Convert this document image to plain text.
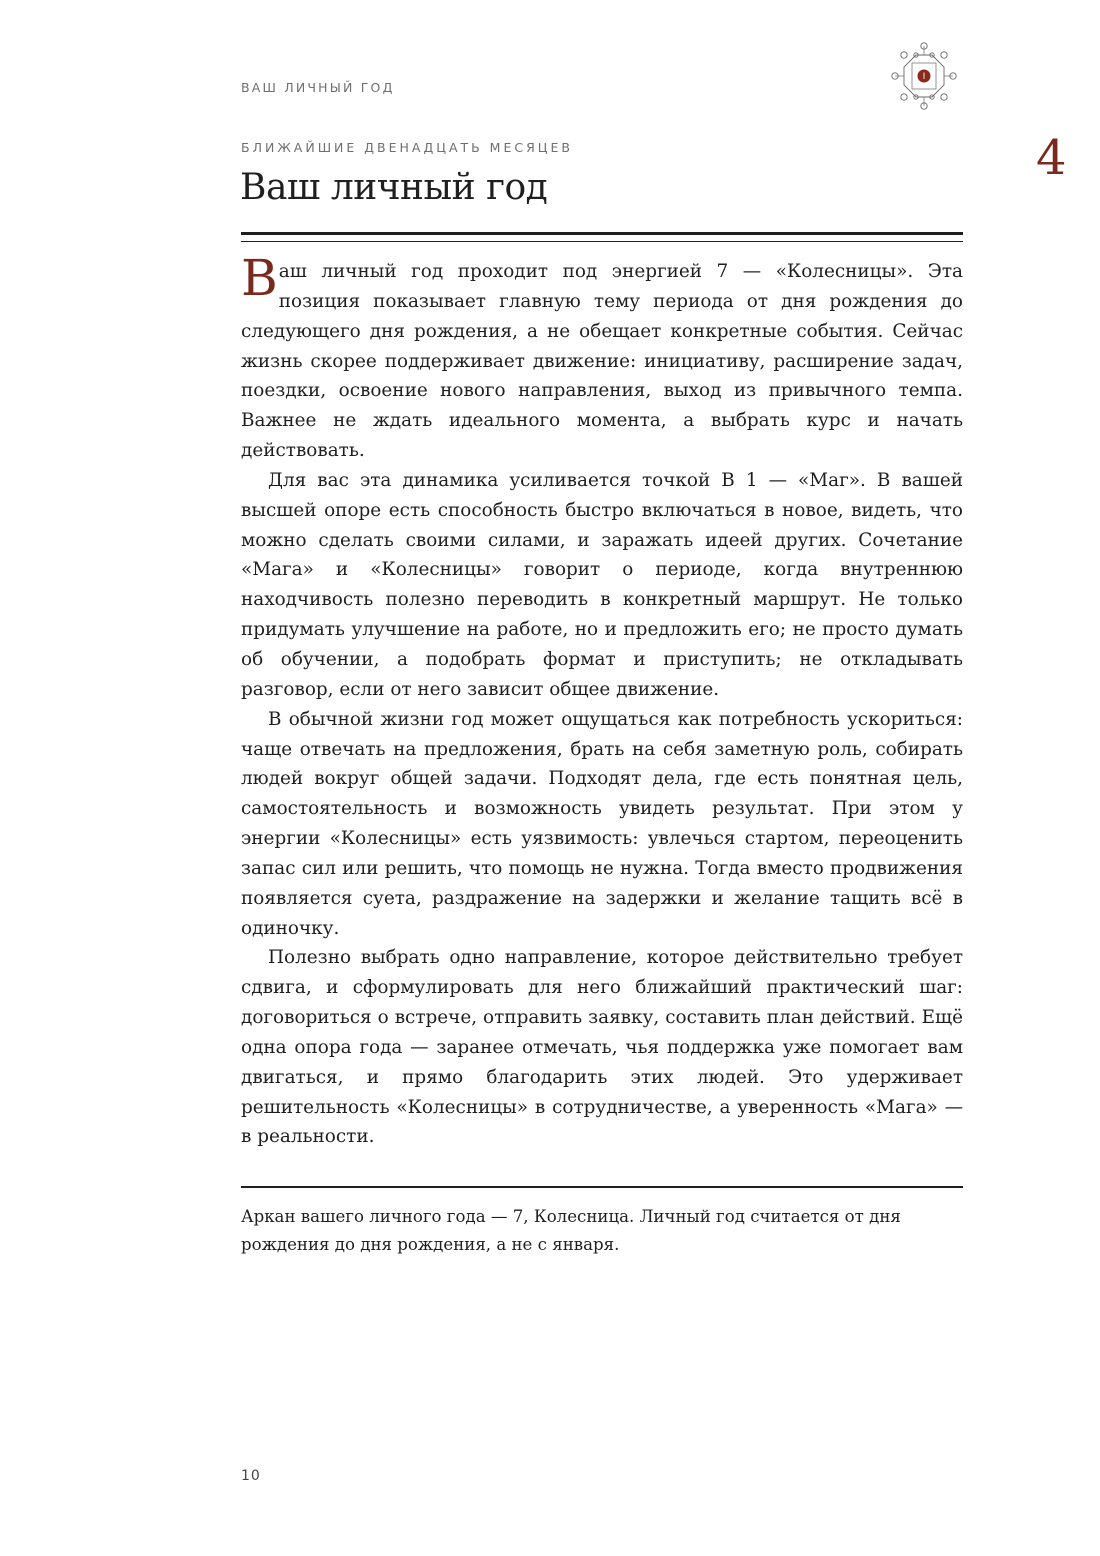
ВАШ ЛИЧНЫЙ ГОД
4
БЛИЖАЙШИЕ ДВЕНАДЦАТЬ МЕСЯЦЕВ
Ваш личный год

Ваш личный год проходит под энергией 7 — «Колесницы». Эта позиция показывает главную тему периода от дня рождения до следующего дня рождения, а не обещает конкретные события. Сейчас жизнь скорее поддерживает движение: инициативу, расширение задач, поездки, освоение нового направления, выход из привычного темпа. Важнее не ждать идеального момента, а выбрать курс и начать действовать.

Для вас эта динамика усиливается точкой B 1 — «Маг». В вашей высшей опоре есть способность быстро включаться в новое, видеть, что можно сделать своими силами, и заражать идеей других. Сочетание «Мага» и «Колесницы» говорит о периоде, когда внутреннюю находчивость полезно переводить в конкретный маршрут. Не только придумать улучшение на работе, но и предложить его; не просто думать об обучении, а подобрать формат и приступить; не откладывать разговор, если от него зависит общее движение.

В обычной жизни год может ощущаться как потребность ускориться: чаще отвечать на предложения, брать на себя заметную роль, собирать людей вокруг общей задачи. Подходят дела, где есть понятная цель, самостоятельность и возможность увидеть результат. При этом у энергии «Колесницы» есть уязвимость: увлечься стартом, переоценить запас сил или решить, что помощь не нужна. Тогда вместо продвижения появляется суета, раздражение на задержки и желание тащить всё в одиночку.

Полезно выбрать одно направление, которое действительно требует сдвига, и сформулировать для него ближайший практический шаг: договориться о встрече, отправить заявку, составить план действий. Ещё одна опора года — заранее отмечать, чья поддержка уже помогает вам двигаться, и прямо благодарить этих людей. Это удерживает решительность «Колесницы» в сотрудничестве, а уверенность «Мага» — в реальности.

Аркан вашего личного года — 7, Колесница. Личный год считается от дня рождения до дня рождения, а не с января.

10
